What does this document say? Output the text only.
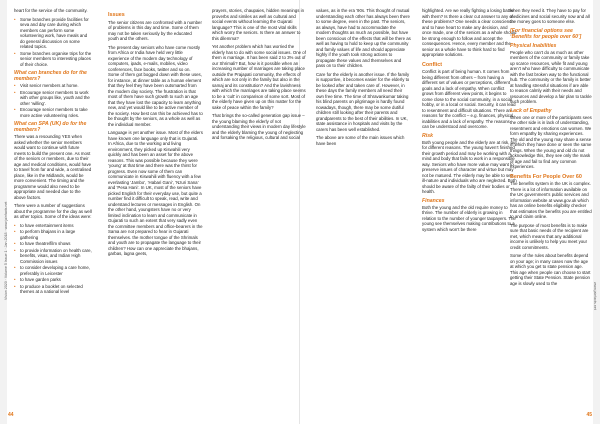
Vision 2020 · Volume 5 Issue 1 · Jan 2018 · www.jainfacts.net	www.jainfacts.net
44	45

heart for the service of the community.

• Some branches provide facilities for seva and day care during which members can perform some volunteering work, have meals and do general discussion on some related topics.
• Some branches organise trips for the senior members to interesting places of their choice.
What can branches do for the members?
• Visit senior members at home.
• Encourage senior members to work with other groups like, youth and the other ‘willing’.
• Encourage senior members to take more active volunteering roles.
What can SPA (UK) do for the members?

There was a resounding YES when asked whether the senior members would want to continue with future meets to build the present one. As most of the seniors or members, due to their age and medical conditions, would have to travel from far and wide, a centralised place, like in the Midlands, would be more convenient. The timing and the programme would also need to be appropriate and needed due to the above factors.

There were a number of suggestions about the programme for the day as well as other topics. Some of the ideas were:

• to have entertainment items
• to perform bhajans in a large gathering
• to have theatre/film shows
• to provide information on health care, benefits, visas, and Indian High Commission issues
• to consider developing a care home, preferably in Leicester
• to have garden parks
• to produce a booklet on selected themes at a national level
Issues

The senior citizens are confronted with a number of problems in this day and time. Some of them may not be taken seriously by the educated youth and the others.

The present day seniors who have come mostly from Africa or India have held very little experience of the modern day technology of computers, ipads, e-mails, mobiles, video conferences, face books, twitter and so on. Some of them got bogged down with these uses, for instance, at dinner table as a human element that they feel they have been outsmarted from the modern day society. The frustration is that most of them have such growth to such an age that they have lost the capacity to learn anything new, and yet would like to be active member of the society. How best can this be achieved has to be thought by the seniors, as a whole as well as the individual member.

Language is yet another issue. Most of the elders have known one language only that is Gujarati. In Africa, due to the working and living environment, they picked up Kiswahili very quickly and has been an asset for the above reasons. This was possible because they were ‘young’ at that time and there was the thirst for progress. Even now some of them can communicate in Kiswahili with fluency with a few everlasting ‘Jambo’, ‘Habari Gani’, ‘Nzuri Sana’ and ‘Pesa Hani’. In UK, most of the seniors have picked English for their everyday use, but quite a number find it difficult to speak, read, write and understand lectures or messages in English. On the other hand, youngsters have no or very limited inclination to learn and communicate in Gujarati to such an extent that very sadly even the committee members and office-bearers in the Sama are not prepared to hear in Gujarati themselves. the mother tongue of the Shrimals and youth are to propagate the language to their children? How can one appreciate the bhajans, garbas, lagna geets,

prayers, stories, chaupaies, hidden meanings in proverbs and similes as well as cultural and social events without learning the Gujarati language? This is one of the most vital skills which worry the seniors. Is there an answer to this dilemma?

Yet another problem which has worried the elderly has to do with some social issues. One of them is marriage. It has been said 2 to 3% out of our Shrimali? But, how is it possible when an increasing number of marriages are taking place outside the Prajapati community, the effects of which are not only in the family but also in the samaj and its constitution? And the lavishness with which the marriages are taking place seems to be a ‘cult’ in comparison of some sort. Most of the elderly have given up on this matter for the sake of peace within the family?

That brings the so-called generation gap issue – the young blaming the elderly of not understanding their views in modern day lifestyle and the elderly blaming the young of neglecting and forsaking the religious, cultural and social

values, as in the era ‘90s. This thought of mutual understanding each other has always been there to some degree, even in the past. The seniors, as always, have had to accommodate the modern thoughts as much as possible, but have been conscious of the effects that will be there as well as having to hold to keep up the community and family values of life and should appreciate highly if the youth took strong actions to propagate these values and themselves and pass on to their children.

Care for the elderly is another issue. If the family is supportive, it becomes easier for the elderly to be looked after and taken care of. However, in these days the family members all need their own free time. The time of Shravankumar taking his blind parents on pilgrimage is hardly found nowadays, though, there may be some dutiful children still looking after their parents and grandparents to the best of their abilities. In UK, state assistance in hospitals and visits by the carers has been well established.

The above are some of the main issues which have been

highlighted. Are we really fighting a losing battle with them? Is there a clear cut answer to any of these problems? One needs a clear conscience and to have heart to make any decision, and once made, one of the seniors as a whole should be strong enough to follow and accept the consequences. Hence, every member and the senior as a whole have to think hard to find appropriate solutions.

Conflict

Conflict is part of being human. It comes from being different from others – from having a different set of values or perceptions, different goals and a lack of empathy. When conflict grows from different view points, it begins to come close to the social community, in a social hobby, or in a local or social. Security, it can lead to resentment and difficult situations. There are reasons for the conflict – e.g. finances, physical inabilities and a lack of empathy. The reasons can be understood and overcome.

Risk

Both young people and the elderly are at risk, but for different reasons. The young haven’t finished their growth period and may be working with a mind and body that fails to work in a responsible way. Seniors who have more value may want to preserve issues of character and virtue but may not be matured. The elderly may be able to see ill-nature and individuals who are neglected. Both should be aware of the failty of their bodies or health.

Finances

Both the young and the old require money to thrive. The number of elderly is growing in relation to the number of younger taxpayers. The young see themselves making contributions to a system which won’t be there

when they need it. They have to pay for medicines and social security now and all the money goes to someone else.

[For financial options see ‘Benefits for people over 60’]
Physical Inabilities

People who can’t do as much as other members of the community or family take up scarce resources, while fit and young aren’t who have difficulty to communicate with the fast broken way to the functional hub. The community or the family is better at handling stressful situations if are able to reason calmly with their needs and resources and develop a fair plan to tackle such problem.

Lack of Empathy

When one or more of the participants sees the other side is in lack of understanding, resentment and emotions can worsen. We form empathy by sharing experiences. The old and the young may share a sense in which they have done or seen the same things. When the young and old do not acknowledge this, they see only the mask of age and fail to find any common experiences.

Benefits For People Over 60

The benefits system in the UK is complex. There is a lot of information available on the UK government’s public services and information website at www.gov.uk which has an online benefits eligibility checker that estimates the benefits you are entitled to and claim online.

The purpose of most benefits is to make sure that basic needs of the recipient are met, which means that any additional income is unlikely to help you meet your credit commitments.

Some of the rules about benefits depend on your age; in many cases now the age at which you get to state pension age. This age when people can choose to start getting their State Pension. State pension age is slowly used to the
